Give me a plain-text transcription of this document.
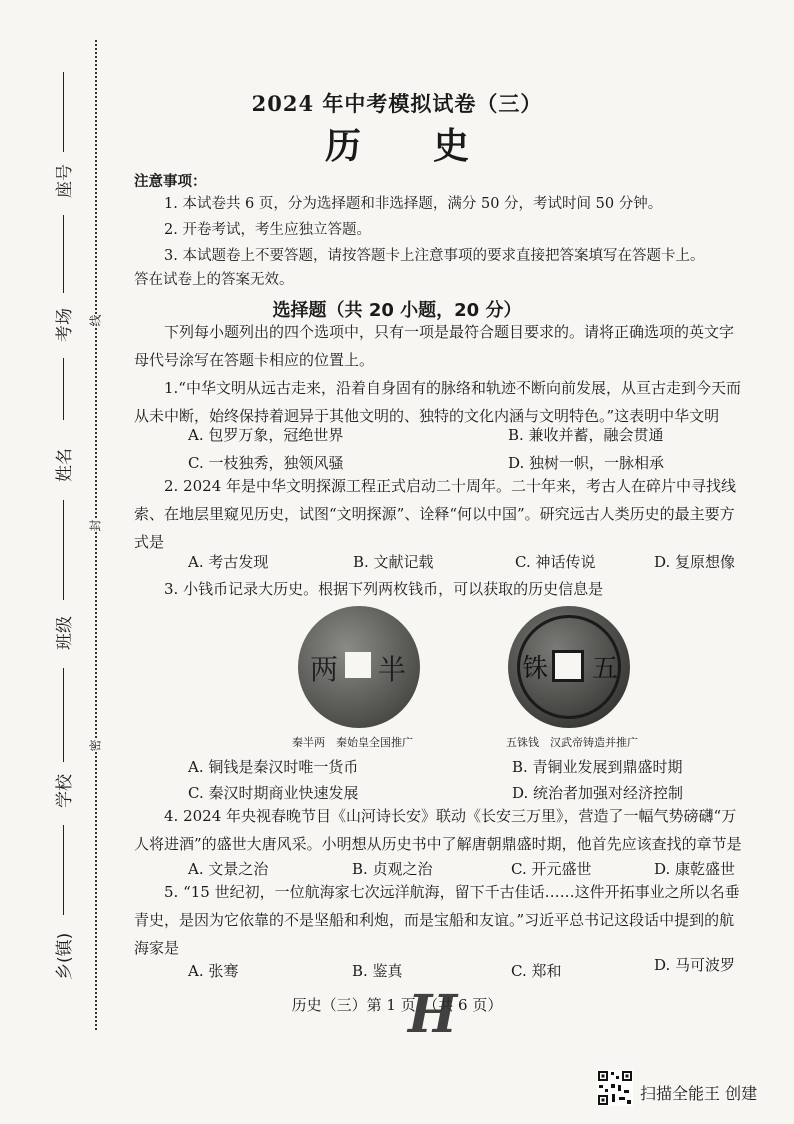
线
封
密
座号
考场
姓名
班级
学校
乡(镇)
2024 年中考模拟试卷（三）
历　　史
注意事项：
1. 本试卷共 6 页，分为选择题和非选择题，满分 50 分，考试时间 50 分钟。
2. 开卷考试，考生应独立答题。
3. 本试题卷上不要答题，请按答题卡上注意事项的要求直接把答案填写在答题卡上。
答在试卷上的答案无效。
选择题（共 20 小题，20 分）
下列每小题列出的四个选项中，只有一项是最符合题目要求的。请将正确选项的英文字母代号涂写在答题卡相应的位置上。
1.“中华文明从远古走来，沿着自身固有的脉络和轨迹不断向前发展，从亘古走到今天而从未中断，始终保持着迥异于其他文明的、独特的文化内涵与文明特色。”这表明中华文明
A. 包罗万象，冠绝世界	B. 兼收并蓄，融会贯通
C. 一枝独秀，独领风骚	D. 独树一帜，一脉相承
2. 2024 年是中华文明探源工程正式启动二十周年。二十年来，考古人在碎片中寻找线索、在地层里窥见历史，试图“文明探源”、诠释“何以中国”。研究远古人类历史的最主要方式是
A. 考古发现	B. 文献记载	C. 神话传说	D. 复原想像
3. 小钱币记录大历史。根据下列两枚钱币，可以获取的历史信息是
两 半	五
铢
秦半两　秦始皇全国推广	五铢钱　汉武帝铸造并推广
A. 铜钱是秦汉时唯一货币	B. 青铜业发展到鼎盛时期
C. 秦汉时期商业快速发展	D. 统治者加强对经济控制
4. 2024 年央视春晚节目《山河诗长安》联动《长安三万里》，营造了一幅气势磅礴“万人将进酒”的盛世大唐风采。小明想从历史书中了解唐朝鼎盛时期，他首先应该查找的章节是
A. 文景之治	B. 贞观之治	C. 开元盛世	D. 康乾盛世
5. “15 世纪初，一位航海家七次远洋航海，留下千古佳话……这件开拓事业之所以名垂青史，是因为它依靠的不是坚船和利炮，而是宝船和友谊。”习近平总书记这段话中提到的航海家是
A. 张骞	B. 鉴真	C. 郑和	D. 马可波罗
历史（三）第 1 页　（共 6 页）
H
扫描全能王 创建
